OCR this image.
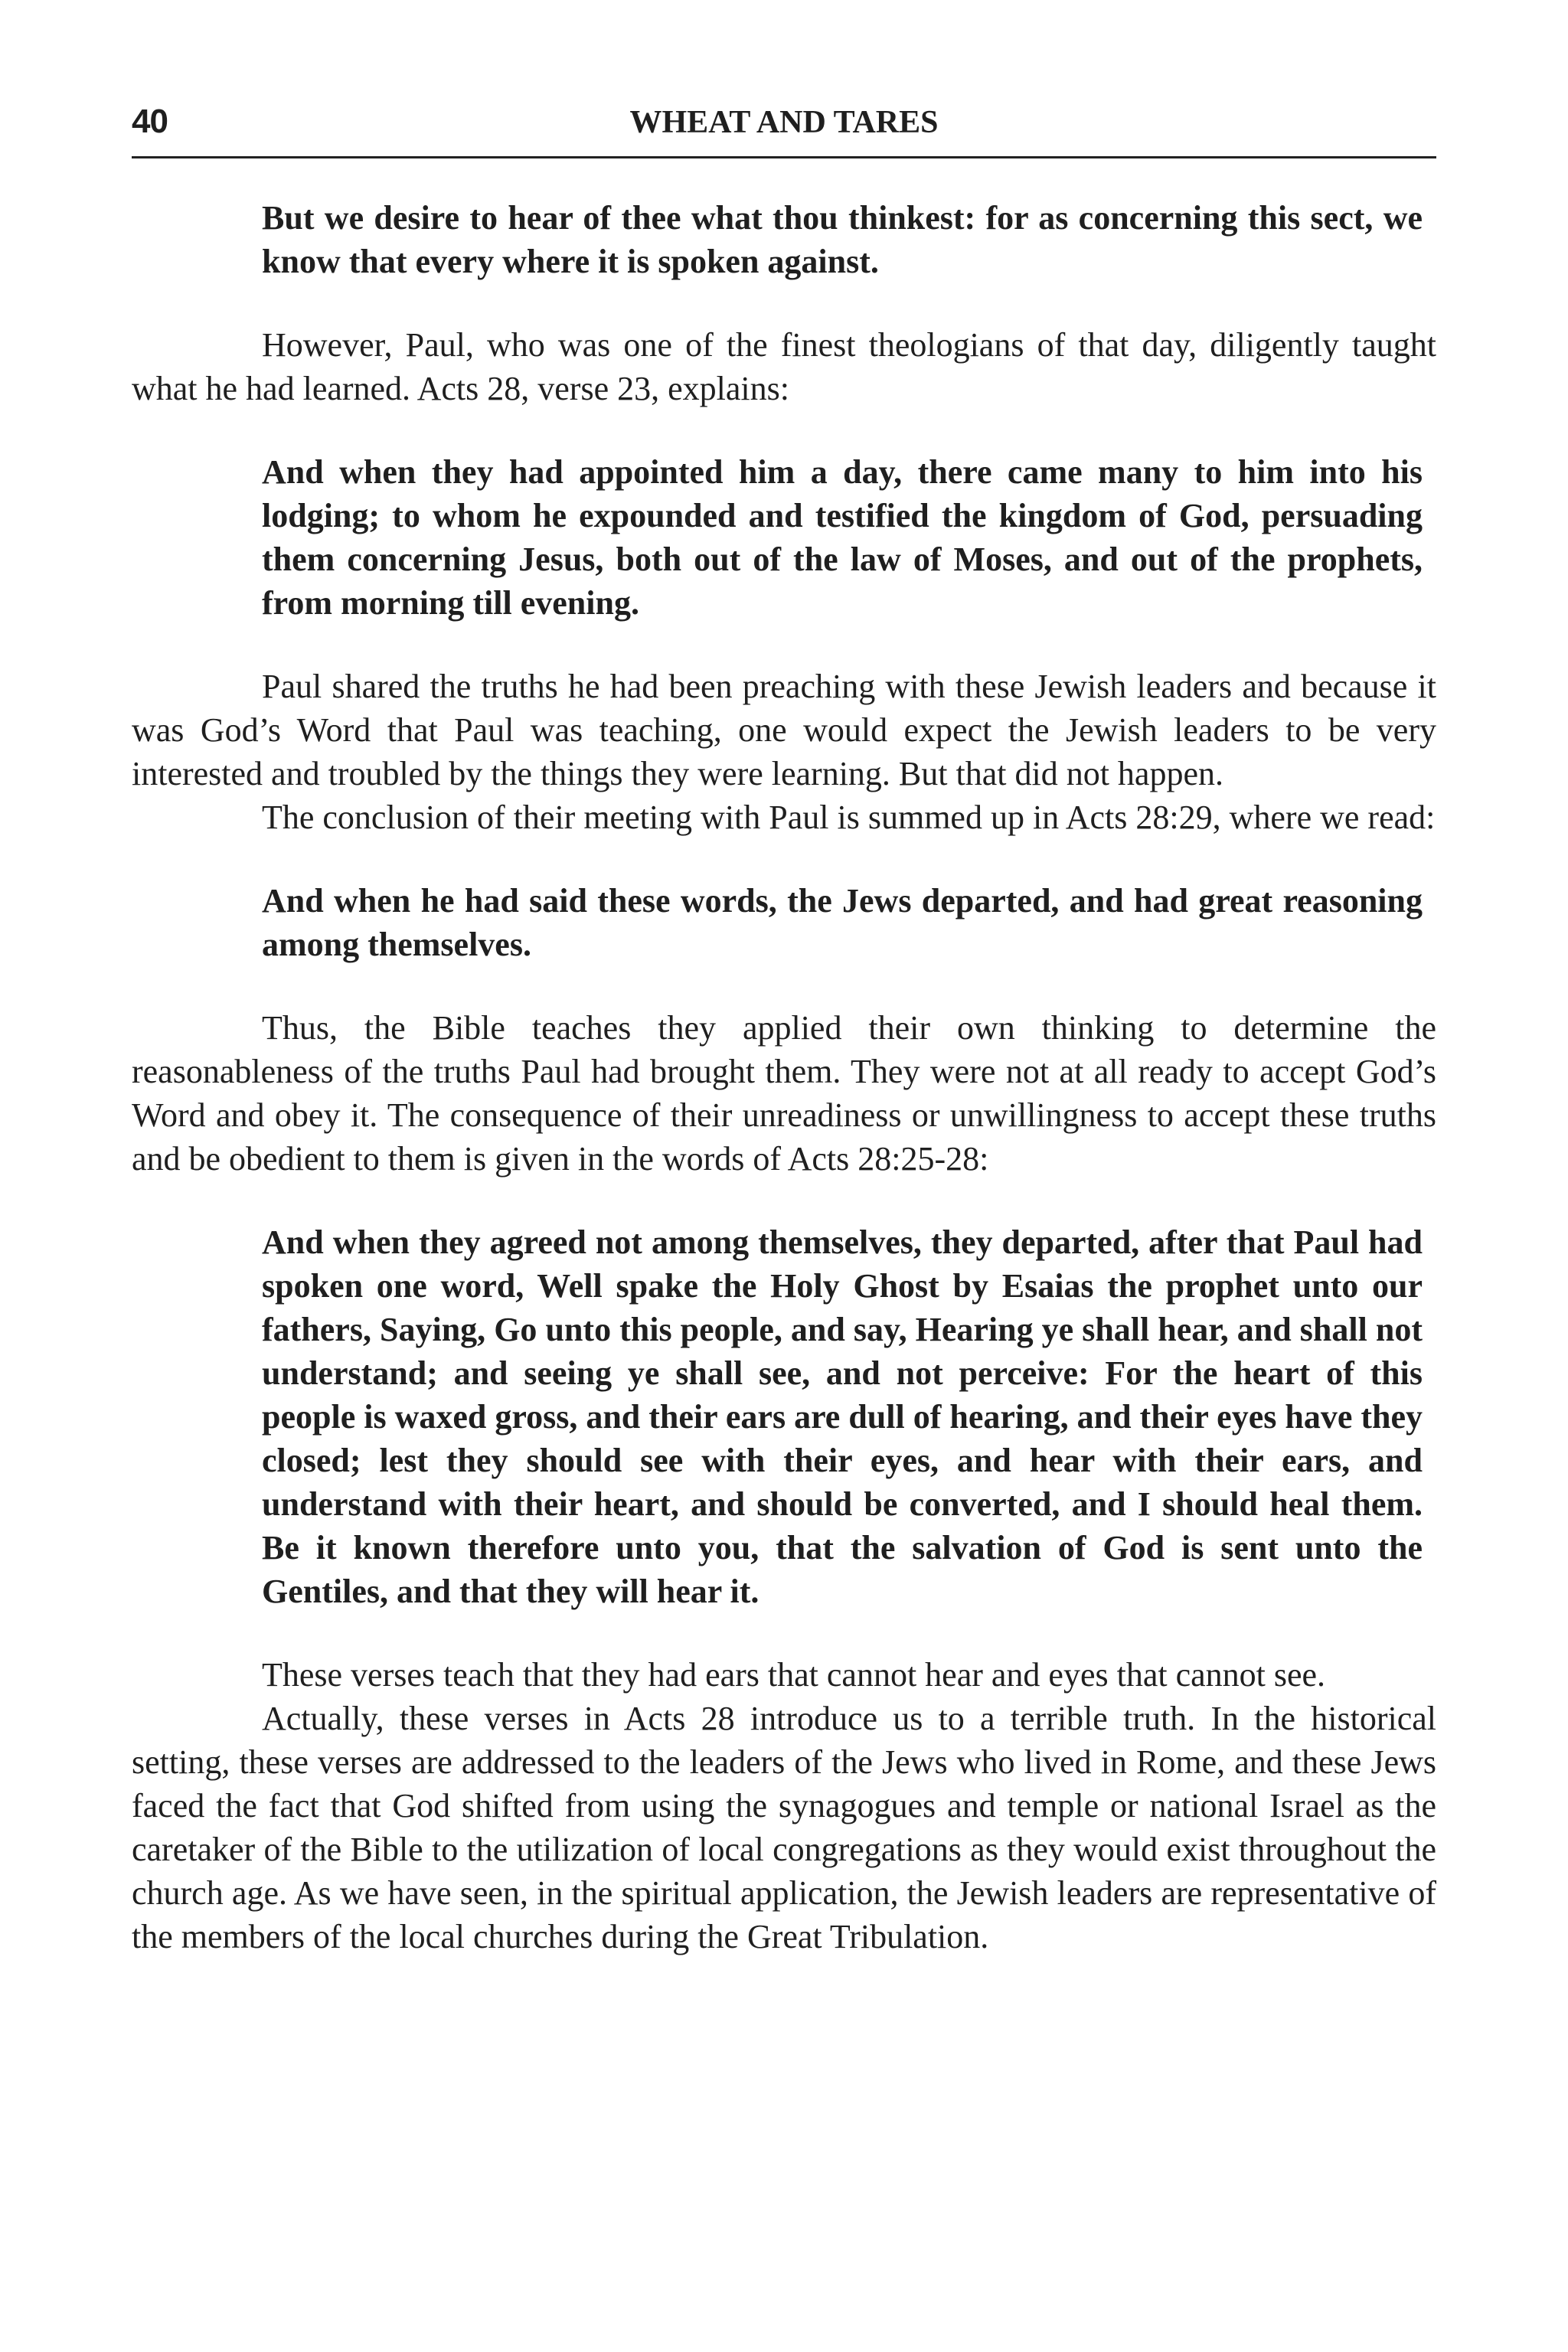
40	WHEAT AND TARES
But we desire to hear of thee what thou thinkest: for as concerning this sect, we know that every where it is spoken against.

However, Paul, who was one of the finest theologians of that day, diligently taught what he had learned. Acts 28, verse 23, explains:

And when they had appointed him a day, there came many to him into his lodging; to whom he expounded and testified the kingdom of God, persuading them concerning Jesus, both out of the law of Moses, and out of the prophets, from morning till evening.

Paul shared the truths he had been preaching with these Jewish leaders and because it was God’s Word that Paul was teaching, one would expect the Jewish leaders to be very interested and troubled by the things they were learning. But that did not happen.

The conclusion of their meeting with Paul is summed up in Acts 28:29, where we read:

And when he had said these words, the Jews departed, and had great reasoning among themselves.

Thus, the Bible teaches they applied their own thinking to determine the reasonableness of the truths Paul had brought them. They were not at all ready to accept God’s Word and obey it. The consequence of their unreadiness or unwillingness to accept these truths and be obedient to them is given in the words of Acts 28:25-28:

And when they agreed not among themselves, they departed, after that Paul had spoken one word, Well spake the Holy Ghost by Esaias the prophet unto our fathers, Saying, Go unto this people, and say, Hearing ye shall hear, and shall not understand; and seeing ye shall see, and not perceive: For the heart of this people is waxed gross, and their ears are dull of hearing, and their eyes have they closed; lest they should see with their eyes, and hear with their ears, and understand with their heart, and should be converted, and I should heal them. Be it known therefore unto you, that the salvation of God is sent unto the Gentiles, and that they will hear it.

These verses teach that they had ears that cannot hear and eyes that cannot see.

Actually, these verses in Acts 28 introduce us to a terrible truth. In the historical setting, these verses are addressed to the leaders of the Jews who lived in Rome, and these Jews faced the fact that God shifted from using the synagogues and temple or national Israel as the caretaker of the Bible to the utilization of local congregations as they would exist throughout the church age. As we have seen, in the spiritual application, the Jewish leaders are representative of the members of the local churches during the Great Tribulation.
